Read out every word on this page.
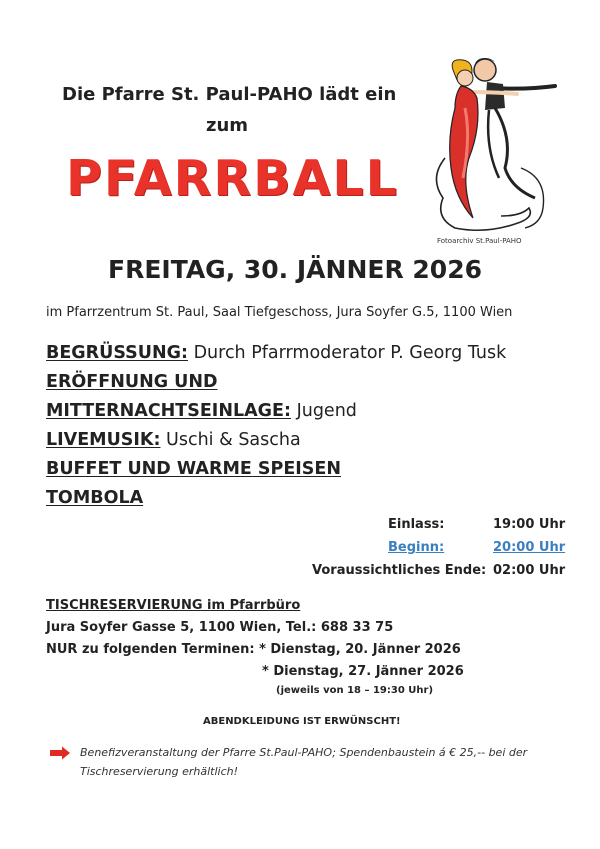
Die Pfarre St. Paul-PAHO lädt ein
zum
PFARRBALL
Fotoarchiv St.Paul-PAHO
FREITAG, 30. JÄNNER 2026
im Pfarrzentrum St. Paul, Saal Tiefgeschoss, Jura Soyfer G.5, 1100 Wien
BEGRÜSSUNG: Durch Pfarrmoderator P. Georg Tusk
ERÖFFNUNG UND
MITTERNACHTSEINLAGE: Jugend
LIVEMUSIK: Uschi & Sascha
BUFFET UND WARME SPEISEN
TOMBOLA
Einlass:	19:00 Uhr
Beginn:	20:00 Uhr
Voraussichtliches Ende: 02:00 Uhr
TISCHRESERVIERUNG im Pfarrbüro
Jura Soyfer Gasse 5, 1100 Wien, Tel.: 688 33 75
NUR zu folgenden Terminen: * Dienstag, 20. Jänner 2026
* Dienstag, 27. Jänner 2026
(jeweils von 18 – 19:30 Uhr)
ABENDKLEIDUNG IST ERWÜNSCHT!
Benefizveranstaltung der Pfarre St.Paul-PAHO; Spendenbaustein á € 25,-- bei der
Tischreservierung erhältlich!
